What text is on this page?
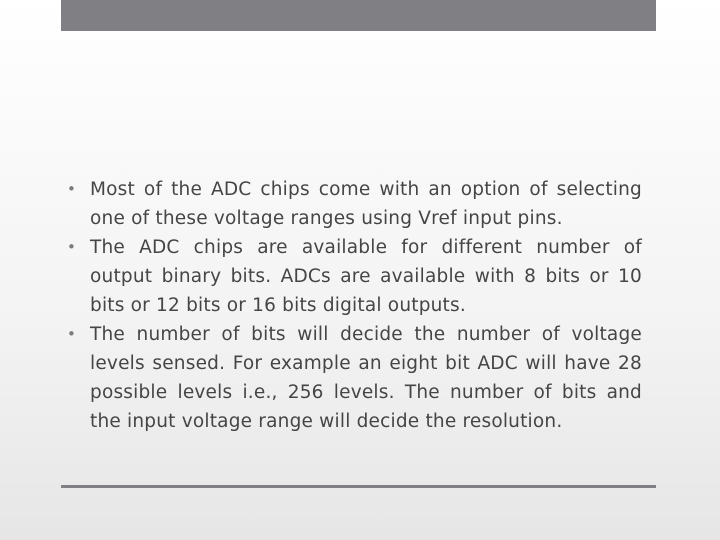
• Most of the ADC chips come with an option of selecting one of these voltage ranges using Vref input pins.
• The ADC chips are available for different number of output binary bits. ADCs are available with 8 bits or 10 bits or 12 bits or 16 bits digital outputs.
• The number of bits will decide the number of voltage levels sensed. For example an eight bit ADC will have 28 possible levels i.e., 256 levels. The number of bits and the input voltage range will decide the resolution.
